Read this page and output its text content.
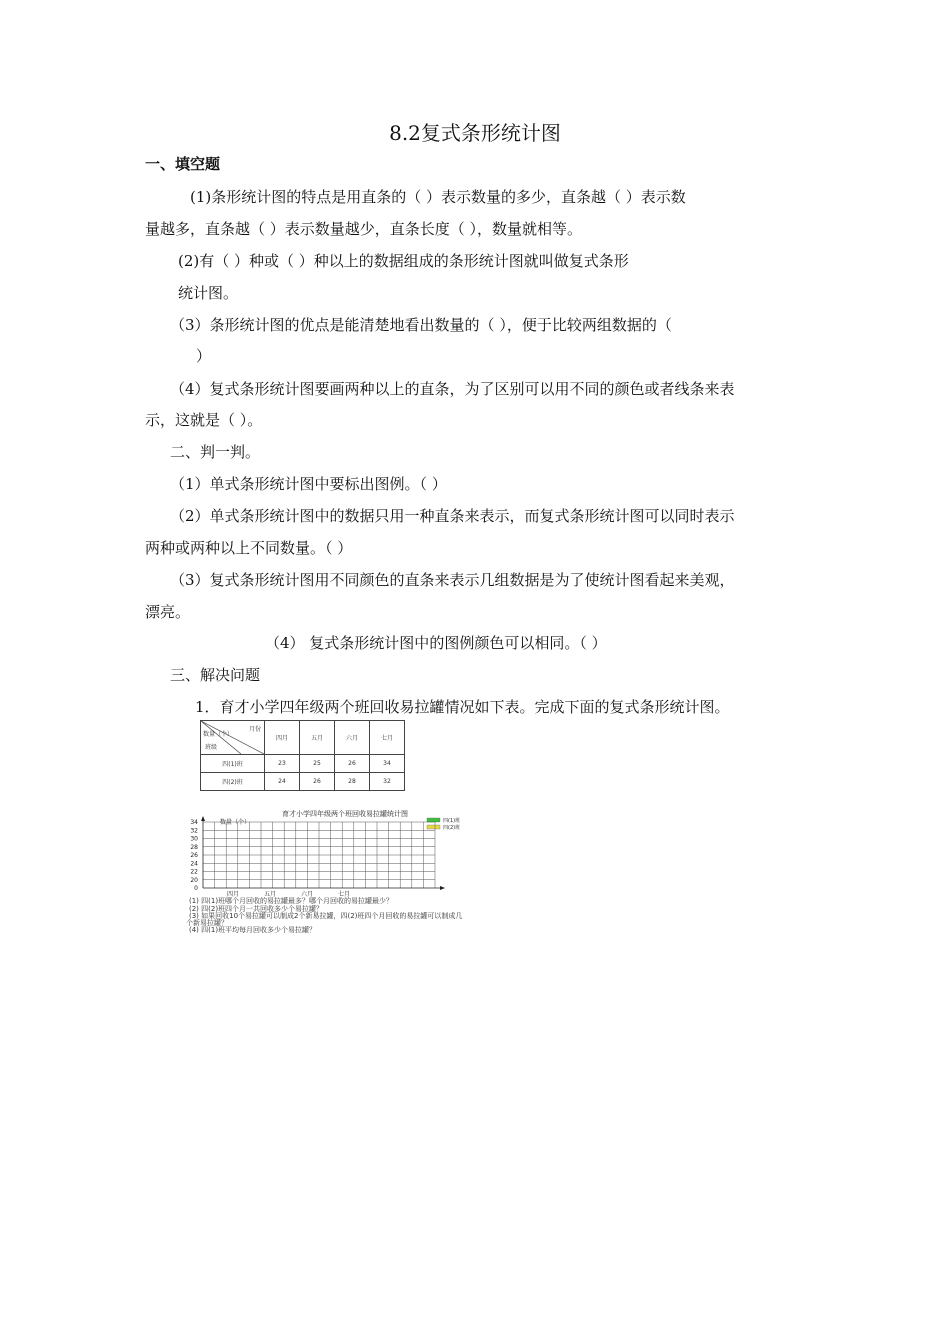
8.2复式条形统计图
一、填空题
(1)条形统计图的特点是用直条的（ ）表示数量的多少，直条越（ ）表示数
量越多，直条越（ ）表示数量越少，直条长度（ ），数量就相等。
(2)有（ ）种或（ ）种以上的数据组成的条形统计图就叫做复式条形
统计图。
（3）条形统计图的优点是能清楚地看出数量的（ ），便于比较两组数据的（
）
（4）复式条形统计图要画两种以上的直条，为了区别可以用不同的颜色或者线条来表
示，这就是（ ）。
二、判一判。
（1）单式条形统计图中要标出图例。（ ）
（2）单式条形统计图中的数据只用一种直条来表示，而复式条形统计图可以同时表示
两种或两种以上不同数量。（ ）
（3）复式条形统计图用不同颜色的直条来表示几组数据是为了使统计图看起来美观，
漂亮。
（4） 复式条形统计图中的图例颜色可以相同。（ ）
三、解决问题
1．育才小学四年级两个班回收易拉罐情况如下表。完成下面的复式条形统计图。
月份
数量（个）
班级	四月	五月	六月	七月
四(1)班	23	25	26	34
四(2)班	24	26	28	32
育才小学四年级两个班回收易拉罐统计图
数量（个）	四(1)班
四(2)班
34
32
30
28
26
24
22
20
0
四月	五月	六月	七月
(1) 四(1)班哪个月回收的易拉罐最多？哪个月回收的易拉罐最少？
(2) 四(2)班四个月一共回收多少个易拉罐？
(3) 如果回收10个易拉罐可以制成2个新易拉罐，四(2)班四个月回收的易拉罐可以制成几
个新易拉罐？
(4) 四(1)班平均每月回收多少个易拉罐？
